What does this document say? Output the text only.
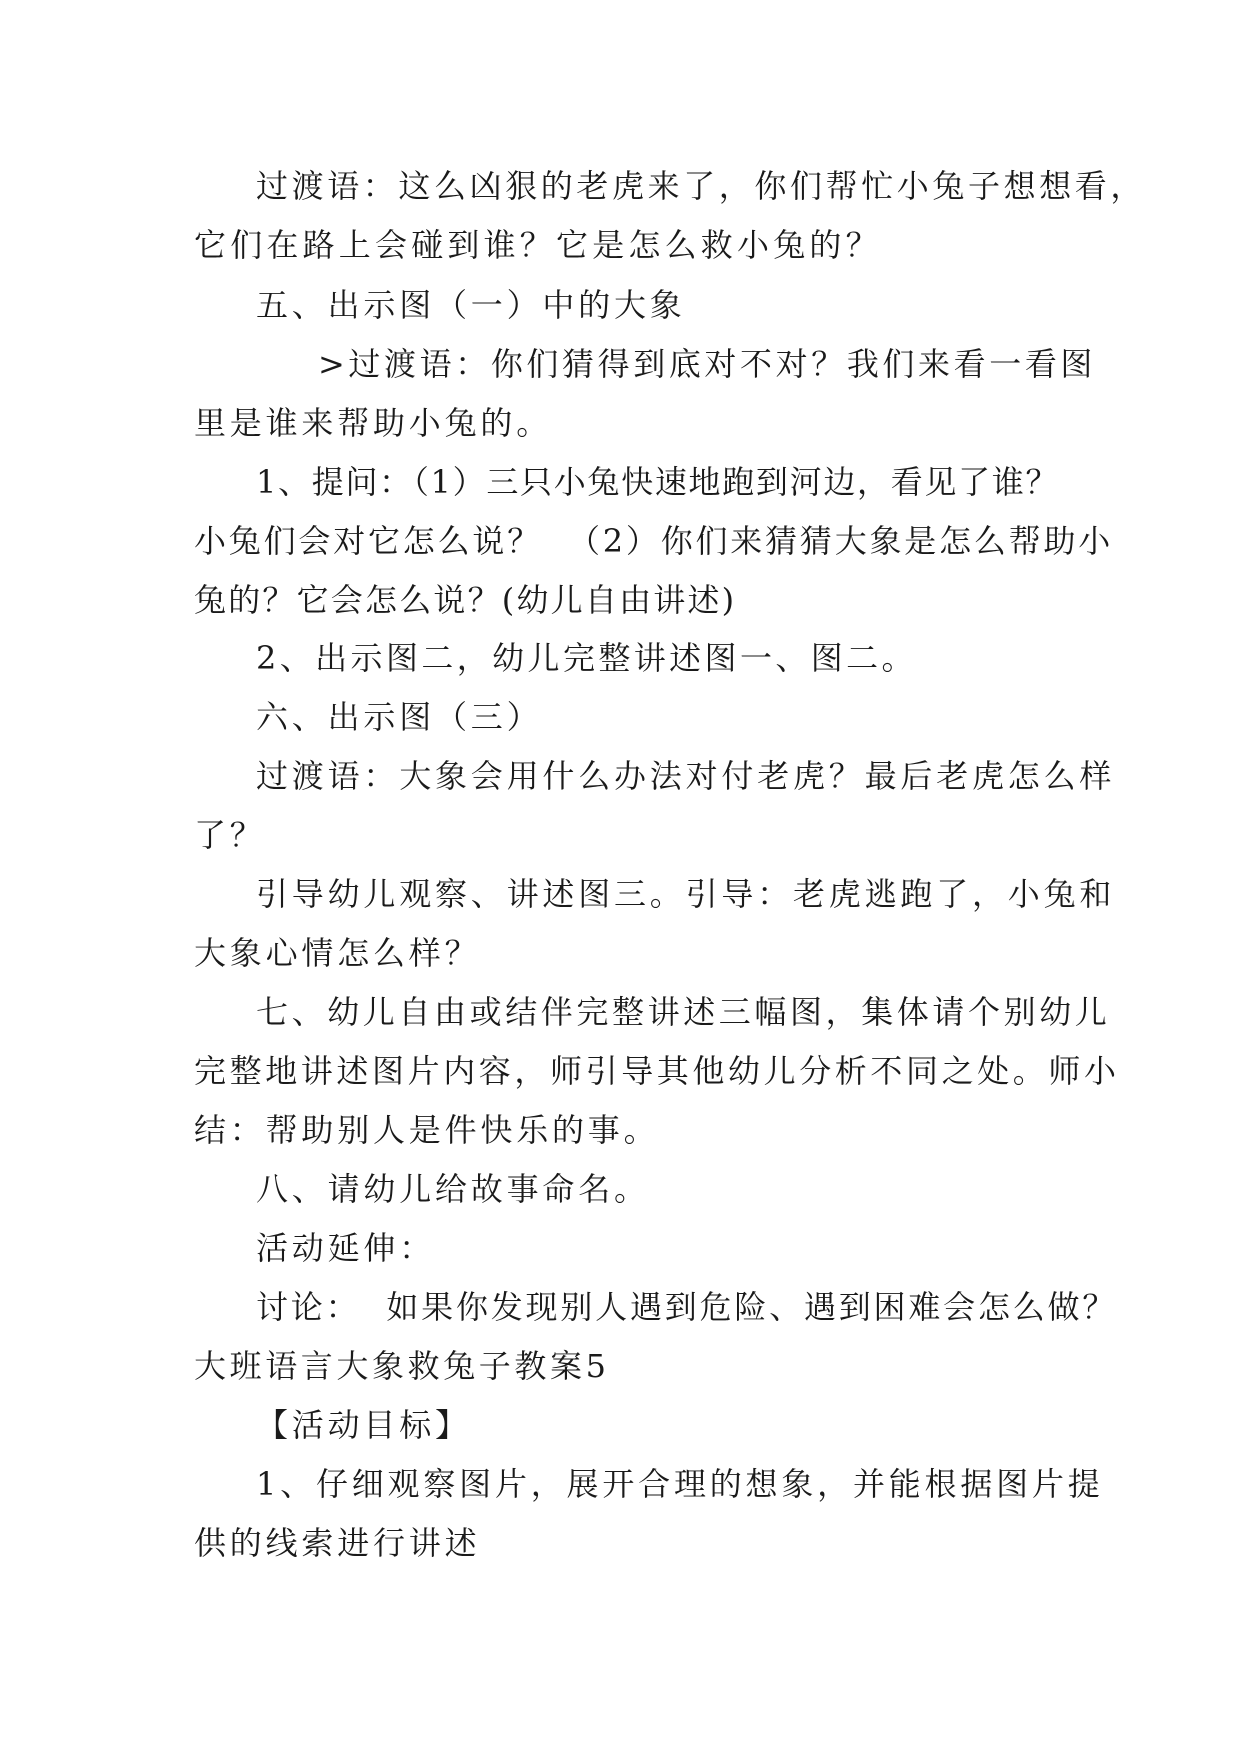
过渡语：这么凶狠的老虎来了，你们帮忙小兔子想想看，
它们在路上会碰到谁？它是怎么救小兔的？
五、出示图（一）中的大象
>过渡语：你们猜得到底对不对？我们来看一看图
里是谁来帮助小兔的。
1、提问：（1）三只小兔快速地跑到河边，看见了谁？
小兔们会对它怎么说？  （2）你们来猜猜大象是怎么帮助小
兔的？它会怎么说？(幼儿自由讲述)
2、出示图二，幼儿完整讲述图一、图二。
六、出示图（三）
过渡语：大象会用什么办法对付老虎？最后老虎怎么样
了？
引导幼儿观察、讲述图三。引导：老虎逃跑了，小兔和
大象心情怎么样？
七、幼儿自由或结伴完整讲述三幅图，集体请个别幼儿
完整地讲述图片内容，师引导其他幼儿分析不同之处。师小
结：帮助别人是件快乐的事。
八、请幼儿给故事命名。
活动延伸：
讨论：  如果你发现别人遇到危险、遇到困难会怎么做？
大班语言大象救兔子教案5
【活动目标】
1、仔细观察图片，展开合理的想象，并能根据图片提
供的线索进行讲述
